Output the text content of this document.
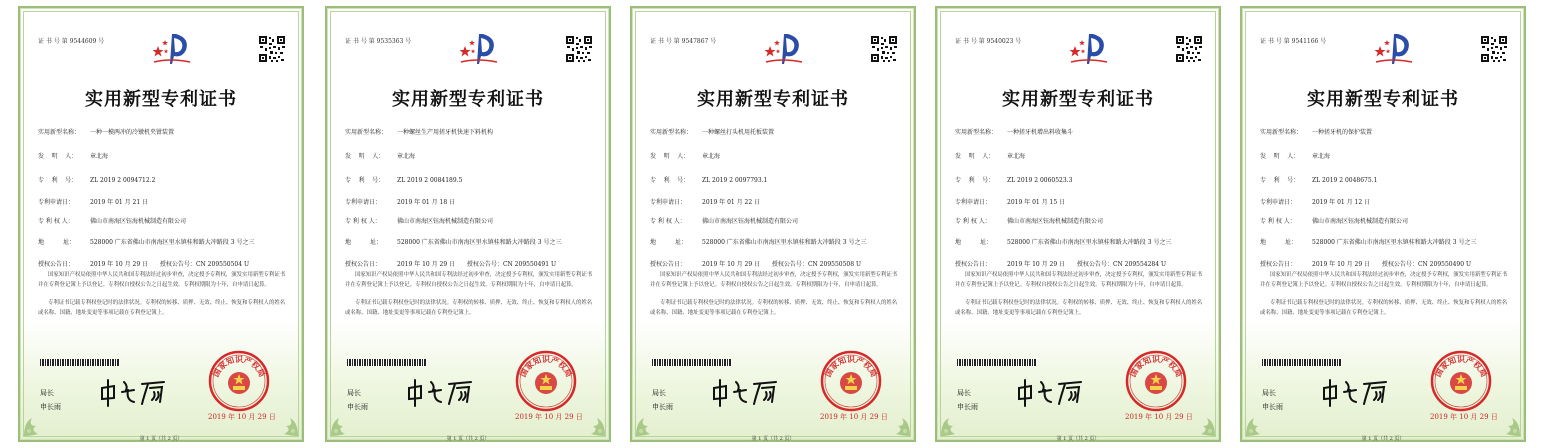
证 书 号 第 9544609 号
实用新型专利证书
实用新型名称： 一种一模两冲的冷镦机夹钳装置
发    明    人： 章北海
专    利    号： ZL 2019 2 0094712.2
专利申请日：	2019 年 01 月 21 日
专 利 权 人：	佛山市南海区钰海机械制造有限公司
地          址：	528000 广东省佛山市南海区里水镇桂和路大冲路段 3 号之三
授权公告日：	2019 年 10 月 29 日 授权公告号：CN 209550504 U
国家知识产权局依照中华人民共和国专利法经过初步审查，决定授予专利权，颁发实用新型专利证书并在专利登记簿上予以登记。专利权自授权公告之日起生效。专利权期限为十年，自申请日起算。
专利证书记载专利权登记时的法律状况。专利权的转移、质押、无效、终止、恢复和专利权人的姓名或名称、国籍、地址变更等事项记载在专利登记簿上。
局长
申长雨
国家知识产权局
2019 年 10 月 29 日
第 1 页（共 2 页）
证 书 号 第 9535363 号
实用新型专利证书
实用新型名称： 一种螺丝生产用搓牙机快速下料机构
发    明    人： 章北海
专    利    号： ZL 2019 2 0084189.5
专利申请日：	2019 年 01 月 18 日
专 利 权 人：	佛山市南海区钰海机械制造有限公司
地          址：	528000 广东省佛山市南海区里水镇桂和路大冲路段 3 号之三
授权公告日：	2019 年 10 月 29 日 授权公告号：CN 209550491 U
国家知识产权局依照中华人民共和国专利法经过初步审查，决定授予专利权，颁发实用新型专利证书并在专利登记簿上予以登记。专利权自授权公告之日起生效。专利权期限为十年，自申请日起算。
专利证书记载专利权登记时的法律状况。专利权的转移、质押、无效、终止、恢复和专利权人的姓名或名称、国籍、地址变更等事项记载在专利登记簿上。
局长
申长雨
国家知识产权局
2019 年 10 月 29 日
第 1 页（共 2 页）
证 书 号 第 9547867 号
实用新型专利证书
实用新型名称： 一种螺丝打头机用托板装置
发    明    人： 章北海
专    利    号： ZL 2019 2 0097793.1
专利申请日：	2019 年 01 月 22 日
专 利 权 人：	佛山市南海区钰海机械制造有限公司
地          址：	528000 广东省佛山市南海区里水镇桂和路大冲路段 3 号之三
授权公告日：	2019 年 10 月 29 日 授权公告号：CN 209550508 U
国家知识产权局依照中华人民共和国专利法经过初步审查，决定授予专利权，颁发实用新型专利证书并在专利登记簿上予以登记。专利权自授权公告之日起生效。专利权期限为十年，自申请日起算。
专利证书记载专利权登记时的法律状况。专利权的转移、质押、无效、终止、恢复和专利权人的姓名或名称、国籍、地址变更等事项记载在专利登记簿上。
局长
申长雨
国家知识产权局
2019 年 10 月 29 日
第 1 页（共 2 页）
证 书 号 第 9540023 号
实用新型专利证书
实用新型名称： 一种搓牙机增出料收集斗
发    明    人： 章北海
专    利    号： ZL 2019 2 0060523.3
专利申请日：	2019 年 01 月 15 日
专 利 权 人：	佛山市南海区钰海机械制造有限公司
地          址：	528000 广东省佛山市南海区里水镇桂和路大冲路段 3 号之三
授权公告日：	2019 年 10 月 29 日 授权公告号：CN 209554284 U
国家知识产权局依照中华人民共和国专利法经过初步审查，决定授予专利权，颁发实用新型专利证书并在专利登记簿上予以登记。专利权自授权公告之日起生效。专利权期限为十年，自申请日起算。
专利证书记载专利权登记时的法律状况。专利权的转移、质押、无效、终止、恢复和专利权人的姓名或名称、国籍、地址变更等事项记载在专利登记簿上。
局长
申长雨
国家知识产权局
2019 年 10 月 29 日
第 1 页（共 2 页）
证 书 号 第 9541166 号
实用新型专利证书
实用新型名称： 一种搓牙机的保护装置
发    明    人： 章北海
专    利    号： ZL 2019 2 0048675.1
专利申请日：	2019 年 01 月 12 日
专 利 权 人：	佛山市南海区钰海机械制造有限公司
地          址：	528000 广东省佛山市南海区里水镇桂和路大冲路段 3 号之三
授权公告日：	2019 年 10 月 29 日 授权公告号：CN 209550490 U
国家知识产权局依照中华人民共和国专利法经过初步审查，决定授予专利权，颁发实用新型专利证书并在专利登记簿上予以登记。专利权自授权公告之日起生效。专利权期限为十年，自申请日起算。
专利证书记载专利权登记时的法律状况。专利权的转移、质押、无效、终止、恢复和专利权人的姓名或名称、国籍、地址变更等事项记载在专利登记簿上。
局长
申长雨
国家知识产权局
2019 年 10 月 29 日
第 1 页（共 2 页）
